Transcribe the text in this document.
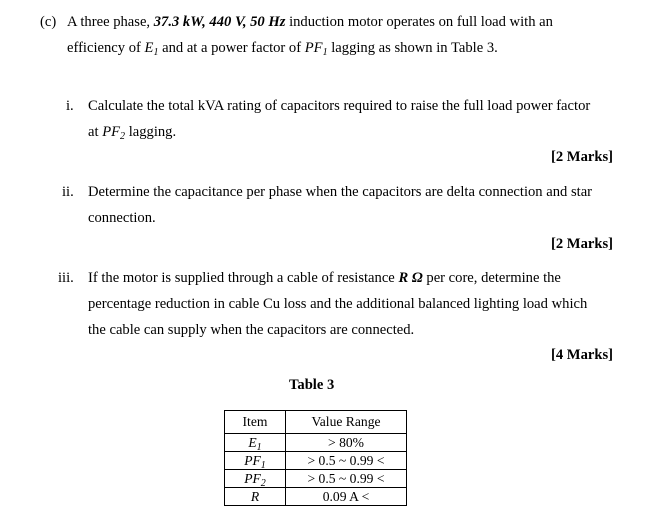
(c) A three phase, 37.3 kW, 440 V, 50 Hz induction motor operates on full load with an
efficiency of $E_1$ and at a power factor of $PF_1$ lagging as shown in Table 3.
i. Calculate the total kVA rating of capacitors required to raise the full load power factor
at $PF_2$ lagging.
[2 Marks]
ii. Determine the capacitance per phase when the capacitors are delta connection and star
connection.
[2 Marks]
iii. If the motor is supplied through a cable of resistance R Ω per core, determine the
percentage reduction in cable Cu loss and the additional balanced lighting load which
the cable can supply when the capacitors are connected.
[4 Marks]
Table 3
Item	Value Range
$E_1$	> 80%
$PF_1$	> 0.5 ~ 0.99 <
$PF_2$	> 0.5 ~ 0.99 <
R	0.09 A <
